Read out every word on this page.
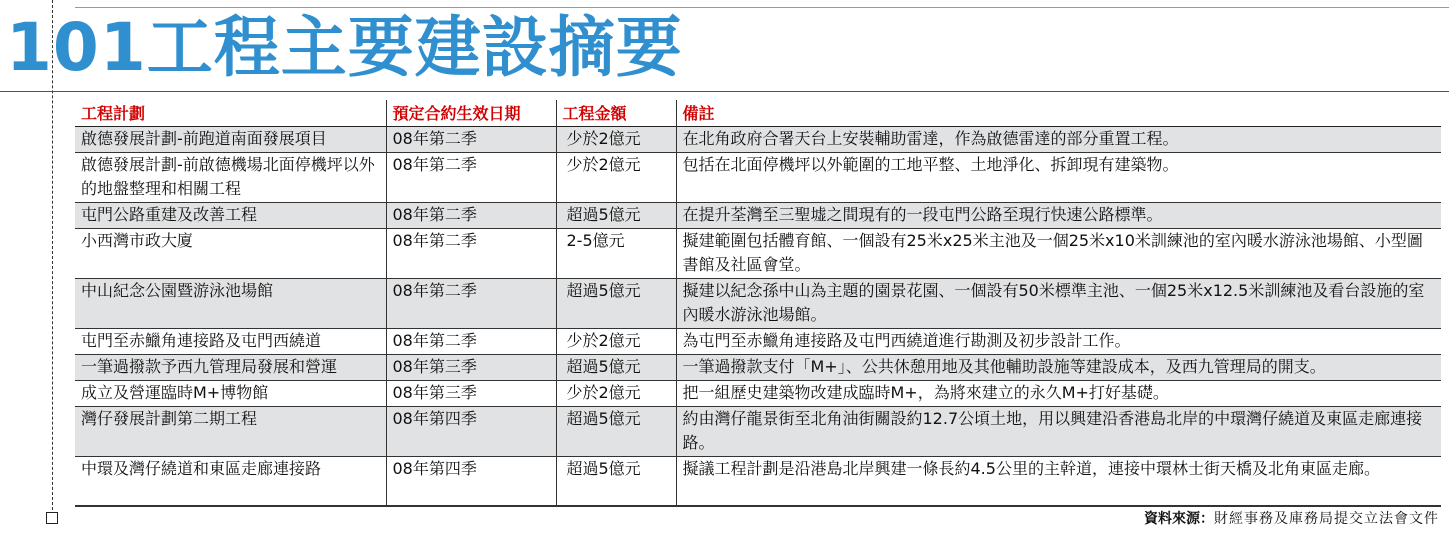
101工程主要建設摘要
工程計劃	預定合約生效日期	工程金額	備註
啟德發展計劃-前跑道南面發展項目	08年第二季	少於2億元	在北角政府合署天台上安裝輔助雷達，作為啟德雷達的部分重置工程。
啟德發展計劃-前啟德機場北面停機坪以外的地盤整理和相關工程	08年第二季	少於2億元	包括在北面停機坪以外範圍的工地平整、土地淨化、拆卸現有建築物。
屯門公路重建及改善工程	08年第二季	超過5億元	在提升荃灣至三聖墟之間現有的一段屯門公路至現行快速公路標準。
小西灣市政大廈	08年第二季	2-5億元	擬建範圍包括體育館、一個設有25米x25米主池及一個25米x10米訓練池的室內暖水游泳池場館、小型圖書館及社區會堂。
中山紀念公園暨游泳池場館	08年第二季	超過5億元	擬建以紀念孫中山為主題的園景花園、一個設有50米標準主池、一個25米x12.5米訓練池及看台設施的室內暖水游泳池場館。
屯門至赤鱲角連接路及屯門西繞道	08年第二季	少於2億元	為屯門至赤鱲角連接路及屯門西繞道進行勘測及初步設計工作。
一筆過撥款予西九管理局發展和營運	08年第三季	超過5億元	一筆過撥款支付「M+」、公共休憩用地及其他輔助設施等建設成本，及西九管理局的開支。
成立及營運臨時M+博物館	08年第三季	少於2億元	把一組歷史建築物改建成臨時M+，為將來建立的永久M+打好基礎。
灣仔發展計劃第二期工程	08年第四季	超過5億元	約由灣仔龍景街至北角油街關設約12.7公頃土地，用以興建沿香港島北岸的中環灣仔繞道及東區走廊連接路。
中環及灣仔繞道和東區走廊連接路	08年第四季	超過5億元	擬議工程計劃是沿港島北岸興建一條長約4.5公里的主幹道，連接中環林士街天橋及北角東區走廊。
資料來源：財經事務及庫務局提交立法會文件
